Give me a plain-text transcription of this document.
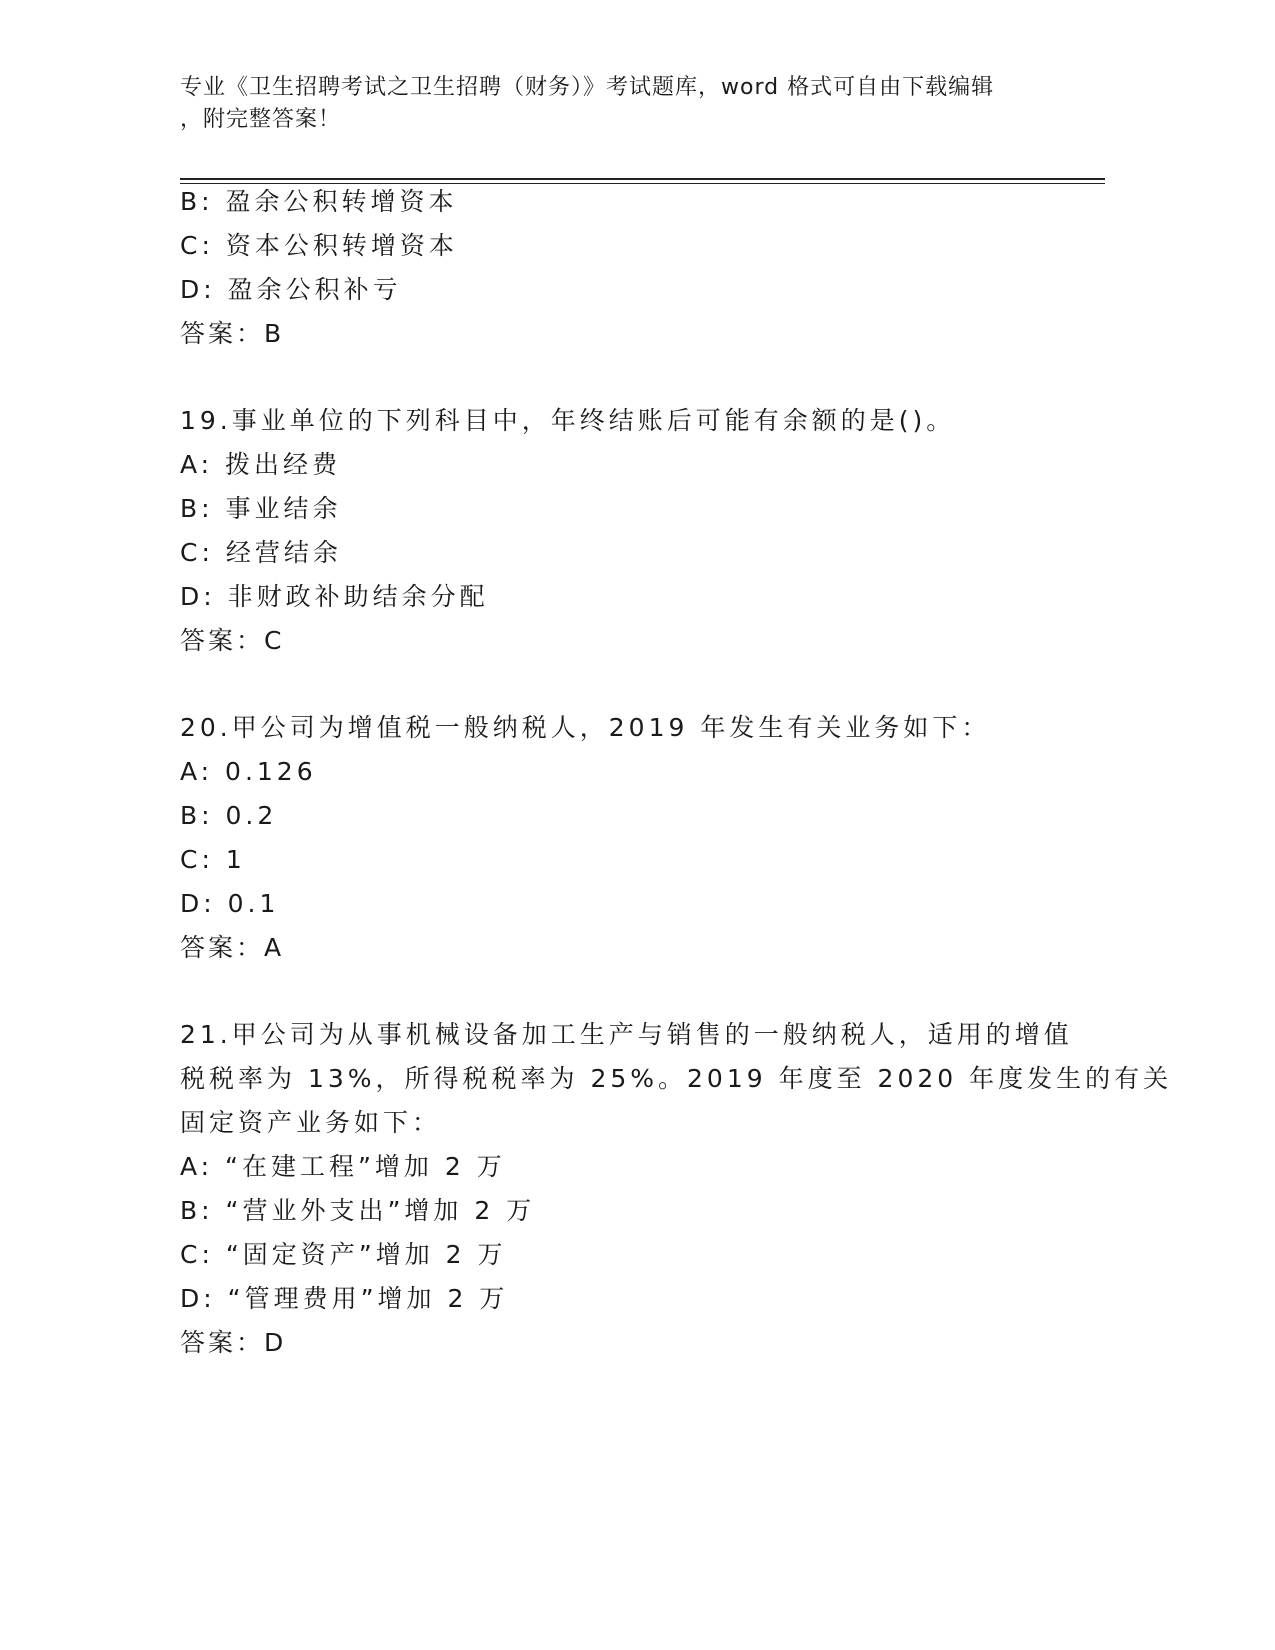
专业《卫生招聘考试之卫生招聘（财务）》考试题库，word 格式可自由下载编辑
，附完整答案！
B: 盈余公积转增资本
C: 资本公积转增资本
D: 盈余公积补亏
答案：B
19.事业单位的下列科目中，年终结账后可能有余额的是()。
A: 拨出经费
B: 事业结余
C: 经营结余
D: 非财政补助结余分配
答案：C
20.甲公司为增值税一般纳税人，2019 年发生有关业务如下：
A: 0.126
B: 0.2
C: 1
D: 0.1
答案：A
21.甲公司为从事机械设备加工生产与销售的一般纳税人，适用的增值
税税率为 13%，所得税税率为 25%。2019 年度至 2020 年度发生的有关
固定资产业务如下：
A: “在建工程”增加 2 万
B: “营业外支出”增加 2 万
C: “固定资产”增加 2 万
D: “管理费用”增加 2 万
答案：D
